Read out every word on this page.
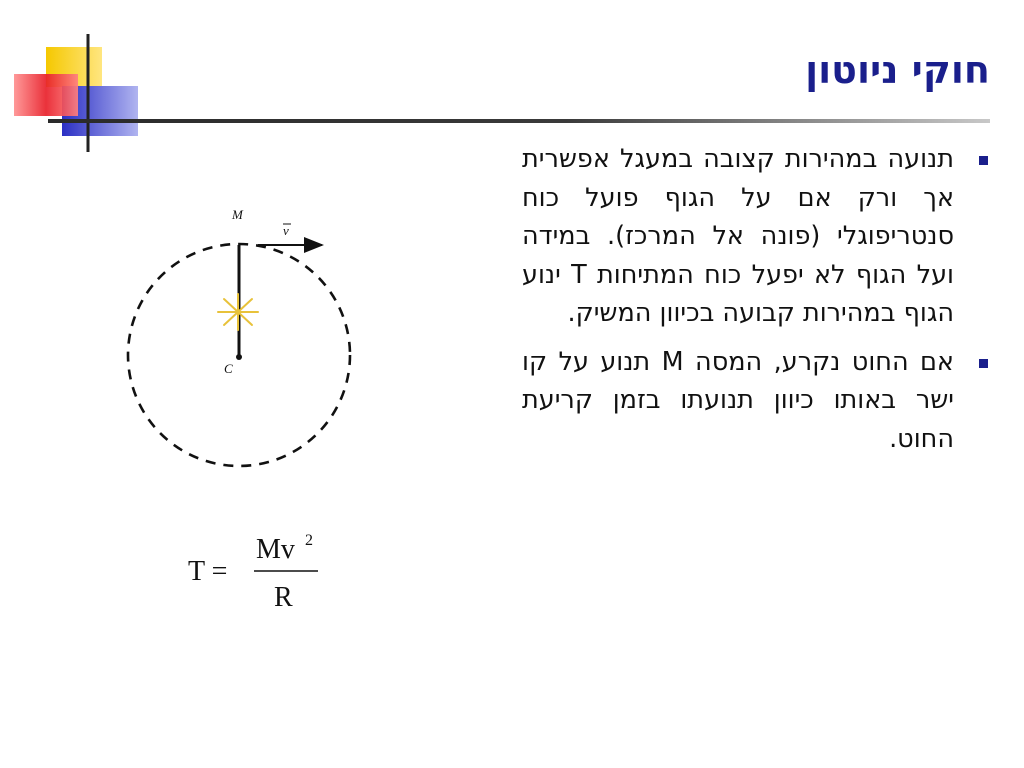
חוקי ניוטון
תנועה במהירות קצובה במעגל אפשרית אך ורק אם על הגוף פועל כוח סנטריפוגלי (פונה אל המרכז). במידה ועל הגוף לא יפעל כוח המתיחות T ינוע הגוף במהירות קבועה בכיוון המשיק.
אם החוט נקרע, המסה M תנוע על קו ישר באותו כיוון תנועתו בזמן קריעת החוט.
M
v
C
T =
Mv 2
R
